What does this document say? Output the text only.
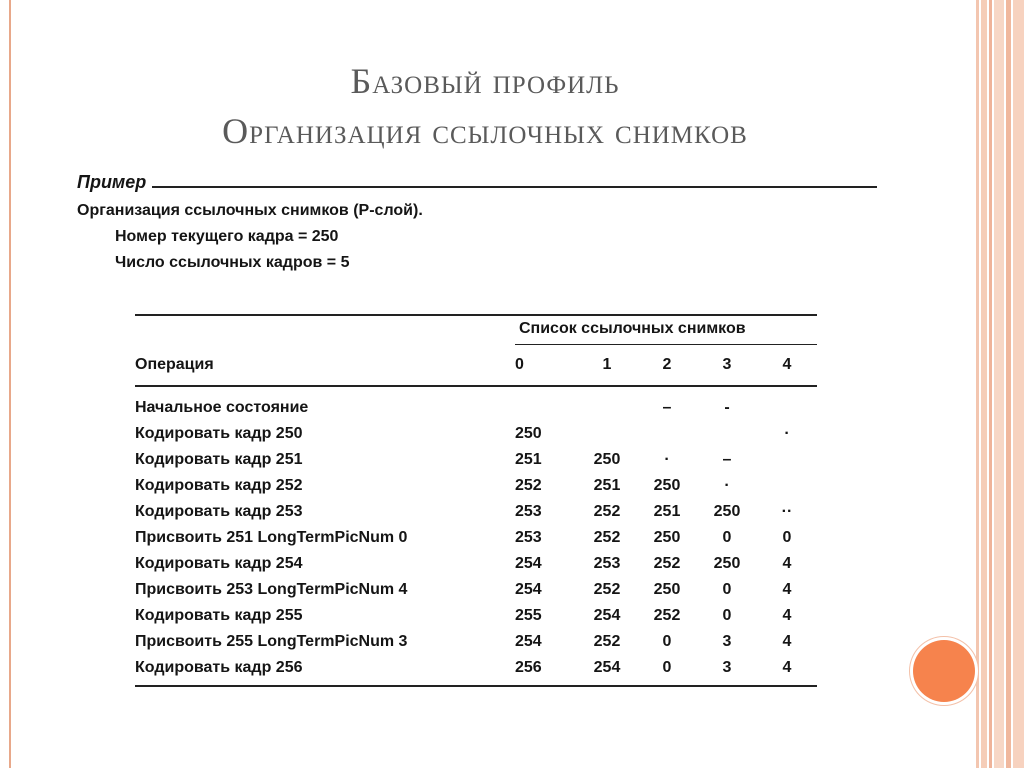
Базовый профиль
Организация ссылочных снимков
Пример
Организация ссылочных снимков (P-слой).
Номер текущего кадра = 250
Число ссылочных кадров = 5
	Список ссылочных снимков				
Операция	0	1	2	3	4
Начальное состояние			–	-	
Кодировать кадр 250	250				·
Кодировать кадр 251	251	250	·	–	
Кодировать кадр 252	252	251	250	·	
Кодировать кадр 253	253	252	251	250	··
Присвоить 251 LongTermPicNum 0	253	252	250	0	0
Кодировать кадр 254	254	253	252	250	4
Присвоить 253 LongTermPicNum 4	254	252	250	0	4
Кодировать кадр 255	255	254	252	0	4
Присвоить 255 LongTermPicNum 3	254	252	0	3	4
Кодировать кадр 256	256	254	0	3	4
